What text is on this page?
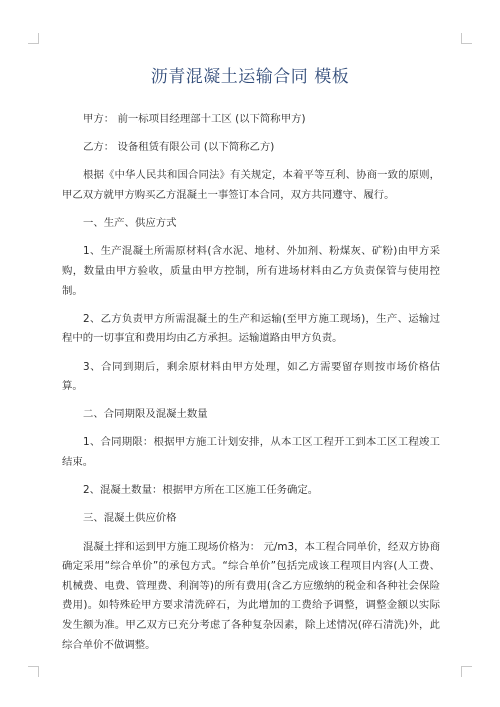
沥青混凝土运输合同 模板

甲方： 前一标项目经理部十工区 (以下简称甲方)

乙方： 设备租赁有限公司 (以下简称乙方)

根据《中华人民共和国合同法》有关规定，本着平等互利、协商一致的原则，甲乙双方就甲方购买乙方混凝土一事签订本合同，双方共同遵守、履行。

一、生产、供应方式

1、生产混凝土所需原材料(含水泥、地材、外加剂、粉煤灰、矿粉)由甲方采购，数量由甲方验收，质量由甲方控制，所有进场材料由乙方负责保管与使用控制。

2、乙方负责甲方所需混凝土的生产和运输(至甲方施工现场)，生产、运输过程中的一切事宜和费用均由乙方承担。运输道路由甲方负责。

3、合同到期后，剩余原材料由甲方处理，如乙方需要留存则按市场价格估算。

二、合同期限及混凝土数量

1、合同期限：根据甲方施工计划安排，从本工区工程开工到本工区工程竣工结束。

2、混凝土数量：根据甲方所在工区施工任务确定。

三、混凝土供应价格

混凝土拌和运到甲方施工现场价格为： 元/m3，本工程合同单价，经双方协商确定采用“综合单价”的承包方式。“综合单价”包括完成该工程项目内容(人工费、机械费、电费、管理费、利润等)的所有费用(含乙方应缴纳的税金和各种社会保险费用)。如特殊砼甲方要求清洗碎石，为此增加的工费给予调整，调整金额以实际发生额为准。甲乙双方已充分考虑了各种复杂因素，除上述情况(碎石清洗)外，此综合单价不做调整。
